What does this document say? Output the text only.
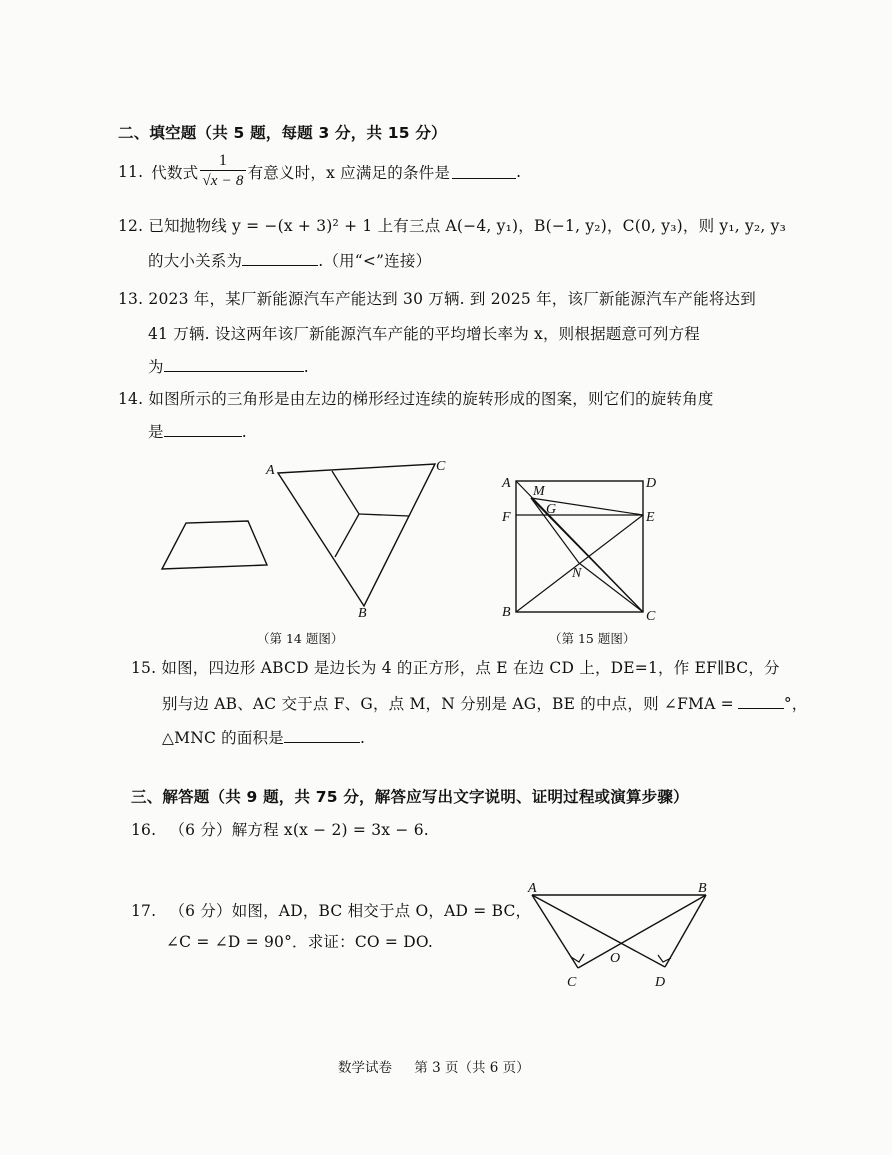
二、填空题（共 5 题，每题 3 分，共 15 分）
11. 代数式 $\frac{1}{√x - 8}$ 有意义时，x 应满足的条件是	.
12. 已知抛物线 y = −(x + 3)² + 1 上有三点 A(−4, y₁)，B(−1, y₂)，C(0, y₃)，则 y₁, y₂, y₃
的大小关系为	.（用“<”连接）
13. 2023 年，某厂新能源汽车产能达到 30 万辆. 到 2025 年，该厂新能源汽车产能将达到
41 万辆. 设这两年该厂新能源汽车产能的平均增长率为 x，则根据题意可列方程
为	.
14. 如图所示的三角形是由左边的梯形经过连续的旋转形成的图案，则它们的旋转角度
是	.
A	C
B
A	D
F	E
M
G
N
B	C
（第 14 题图）	（第 15 题图）
15. 如图，四边形 ABCD 是边长为 4 的正方形，点 E 在边 CD 上，DE=1，作 EF∥BC，分
别与边 AB、AC 交于点 F、G，点 M，N 分别是 AG，BE 的中点，则 ∠FMA =	°，
△MNC 的面积是	.
三、解答题（共 9 题，共 75 分，解答应写出文字说明、证明过程或演算步骤）
16. （6 分）解方程 x(x − 2) = 3x − 6.
17. （6 分）如图，AD，BC 相交于点 O，AD = BC，
∠C = ∠D = 90°．求证：CO = DO.
A	B
C	D
O
数学试卷 第 3 页（共 6 页）
